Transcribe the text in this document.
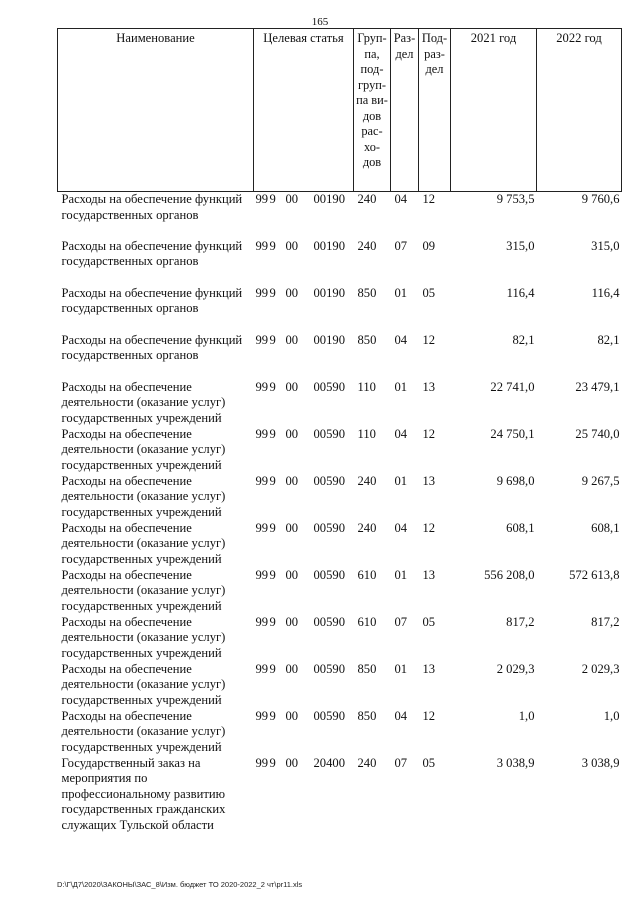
165
Наименование	Целевая статья	Груп-па, под-груп-па ви-дов рас-хо-дов	Раз-дел	Под-раз-дел	2021 год	2022 год
Расходы на обеспечение функций государственных органов	999 00 00190	240	04	12	9 753,5	9 760,6
Расходы на обеспечение функций государственных органов	999 00 00190	240	07	09	315,0	315,0
Расходы на обеспечение функций государственных органов	999 00 00190	850	01	05	116,4	116,4
Расходы на обеспечение функций государственных органов	999 00 00190	850	04	12	82,1	82,1
Расходы на обеспечение деятельности (оказание услуг) государственных учреждений	999 00 00590	110	01	13	22 741,0	23 479,1
Расходы на обеспечение деятельности (оказание услуг) государственных учреждений	999 00 00590	110	04	12	24 750,1	25 740,0
Расходы на обеспечение деятельности (оказание услуг) государственных учреждений	999 00 00590	240	01	13	9 698,0	9 267,5
Расходы на обеспечение деятельности (оказание услуг) государственных учреждений	999 00 00590	240	04	12	608,1	608,1
Расходы на обеспечение деятельности (оказание услуг) государственных учреждений	999 00 00590	610	01	13	556 208,0	572 613,8
Расходы на обеспечение деятельности (оказание услуг) государственных учреждений	999 00 00590	610	07	05	817,2	817,2
Расходы на обеспечение деятельности (оказание услуг) государственных учреждений	999 00 00590	850	01	13	2 029,3	2 029,3
Расходы на обеспечение деятельности (оказание услуг) государственных учреждений	999 00 00590	850	04	12	1,0	1,0
Государственный заказ на мероприятия по профессиональному развитию государственных гражданских служащих Тульской области	999 00 20400	240	07	05	3 038,9	3 038,9
D:\Г\Д7\2020\ЗАКОНЫ\ЗАС_8\Изм. бюджет ТО 2020-2022_2 чт\pr11.xls
